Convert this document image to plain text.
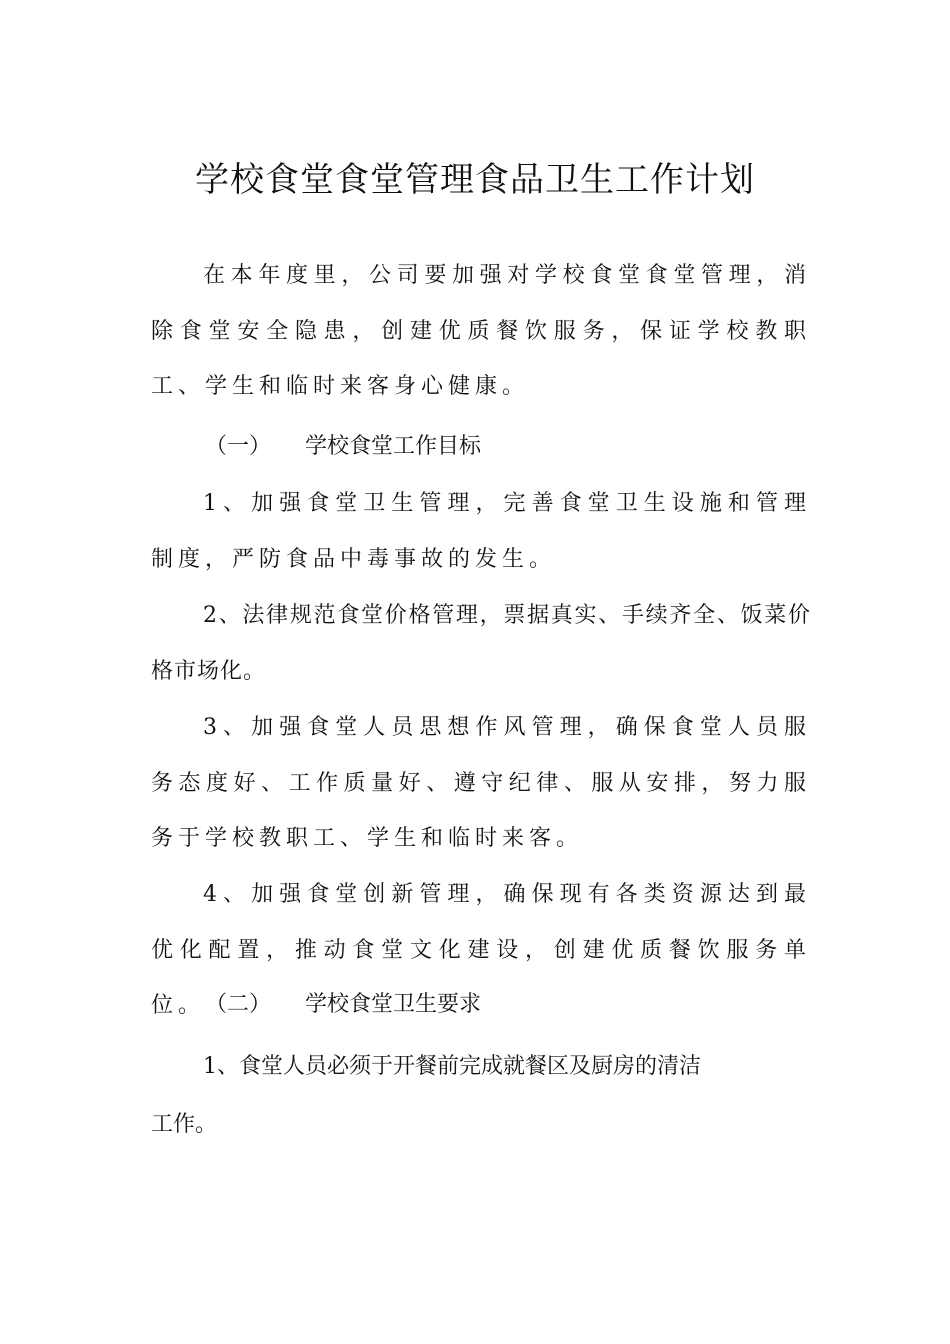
学校食堂食堂管理食品卫生工作计划

在本年度里，公司要加强对学校食堂食堂管理，消除食堂安全隐患，创建优质餐饮服务，保证学校教职工、学生和临时来客身心健康。

（一） 学校食堂工作目标

1、加强食堂卫生管理，完善食堂卫生设施和管理制度，严防食品中毒事故的发生。

2、法律规范食堂价格管理，票据真实、手续齐全、饭菜价格市场化。

3、加强食堂人员思想作风管理，确保食堂人员服务态度好、工作质量好、遵守纪律、服从安排，努力服务于学校教职工、学生和临时来客。

4、加强食堂创新管理，确保现有各类资源达到最优化配置，推动食堂文化建设，创建优质餐饮服务单位。 （二） 学校食堂卫生要求
1、食堂人员必须于开餐前完成就餐区及厨房的清洁
工作。
